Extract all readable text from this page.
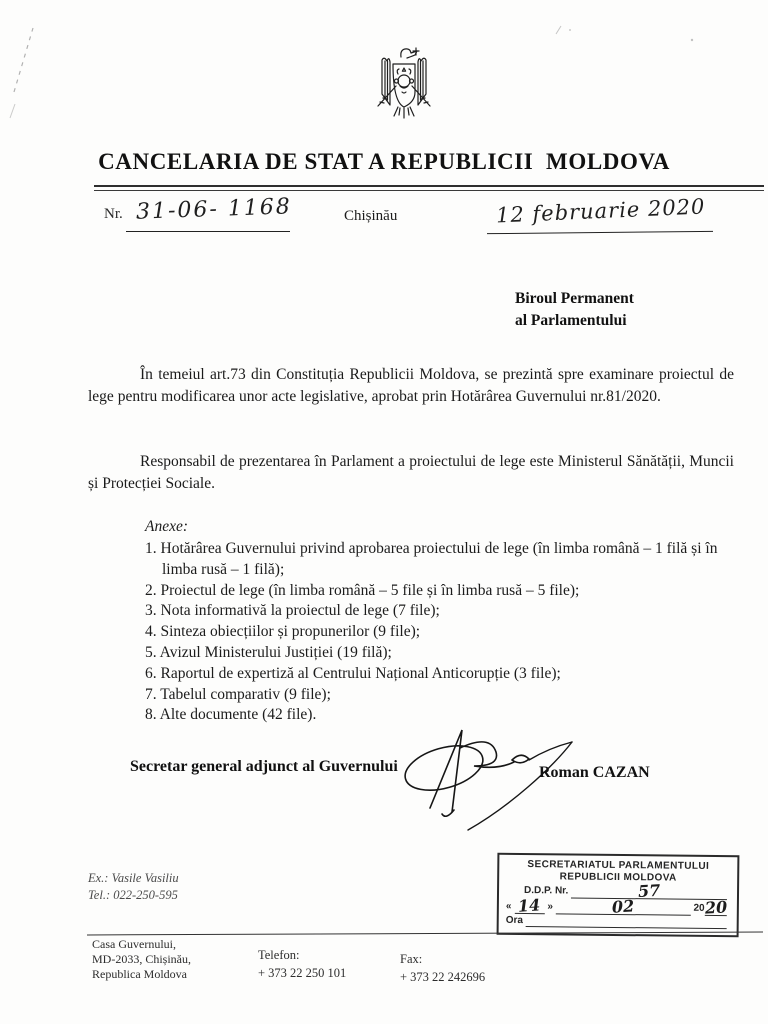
CANCELARIA DE STAT A REPUBLICII  MOLDOVA
Nr. 31-06- 1168	Chișinău	12 februarie 2020
Biroul Permanent
al Parlamentului

În temeiul art.73 din Constituția Republicii Moldova, se prezintă spre examinare proiectul de lege pentru modificarea unor acte legislative, aprobat prin Hotărârea Guvernului nr.81/2020.

Responsabil de prezentarea în Parlament a proiectului de lege este Ministerul Sănătății, Muncii și Protecției Sociale.

Anexe:
Hotărârea Guvernului privind aprobarea proiectului de lege (în limba română – 1 filă și în limba rusă – 1 filă);
Proiectul de lege (în limba română – 5 file și în limba rusă – 5 file);
Nota informativă la proiectul de lege (7 file);
Sinteza obiecțiilor și propunerilor (9 file);
Avizul Ministerului Justiției (19 filă);
Raportul de expertiză al Centrului Național Anticorupție (3 file);
Tabelul comparativ (9 file);
Alte documente (42 file).
Secretar general adjunct al Guvernului	Roman CAZAN
Ex.: Vasile Vasiliu
Tel.: 022-250-595
SECRETARIATUL PARLAMENTULUI
REPUBLICII MOLDOVA
D.D.P. Nr.	57
« 14 »	02	20 20
Ora
Casa Guvernului,
MD-2033, Chișinău,
Republica Moldova
Telefon:
+ 373 22 250 101
Fax:
+ 373 22 242696
